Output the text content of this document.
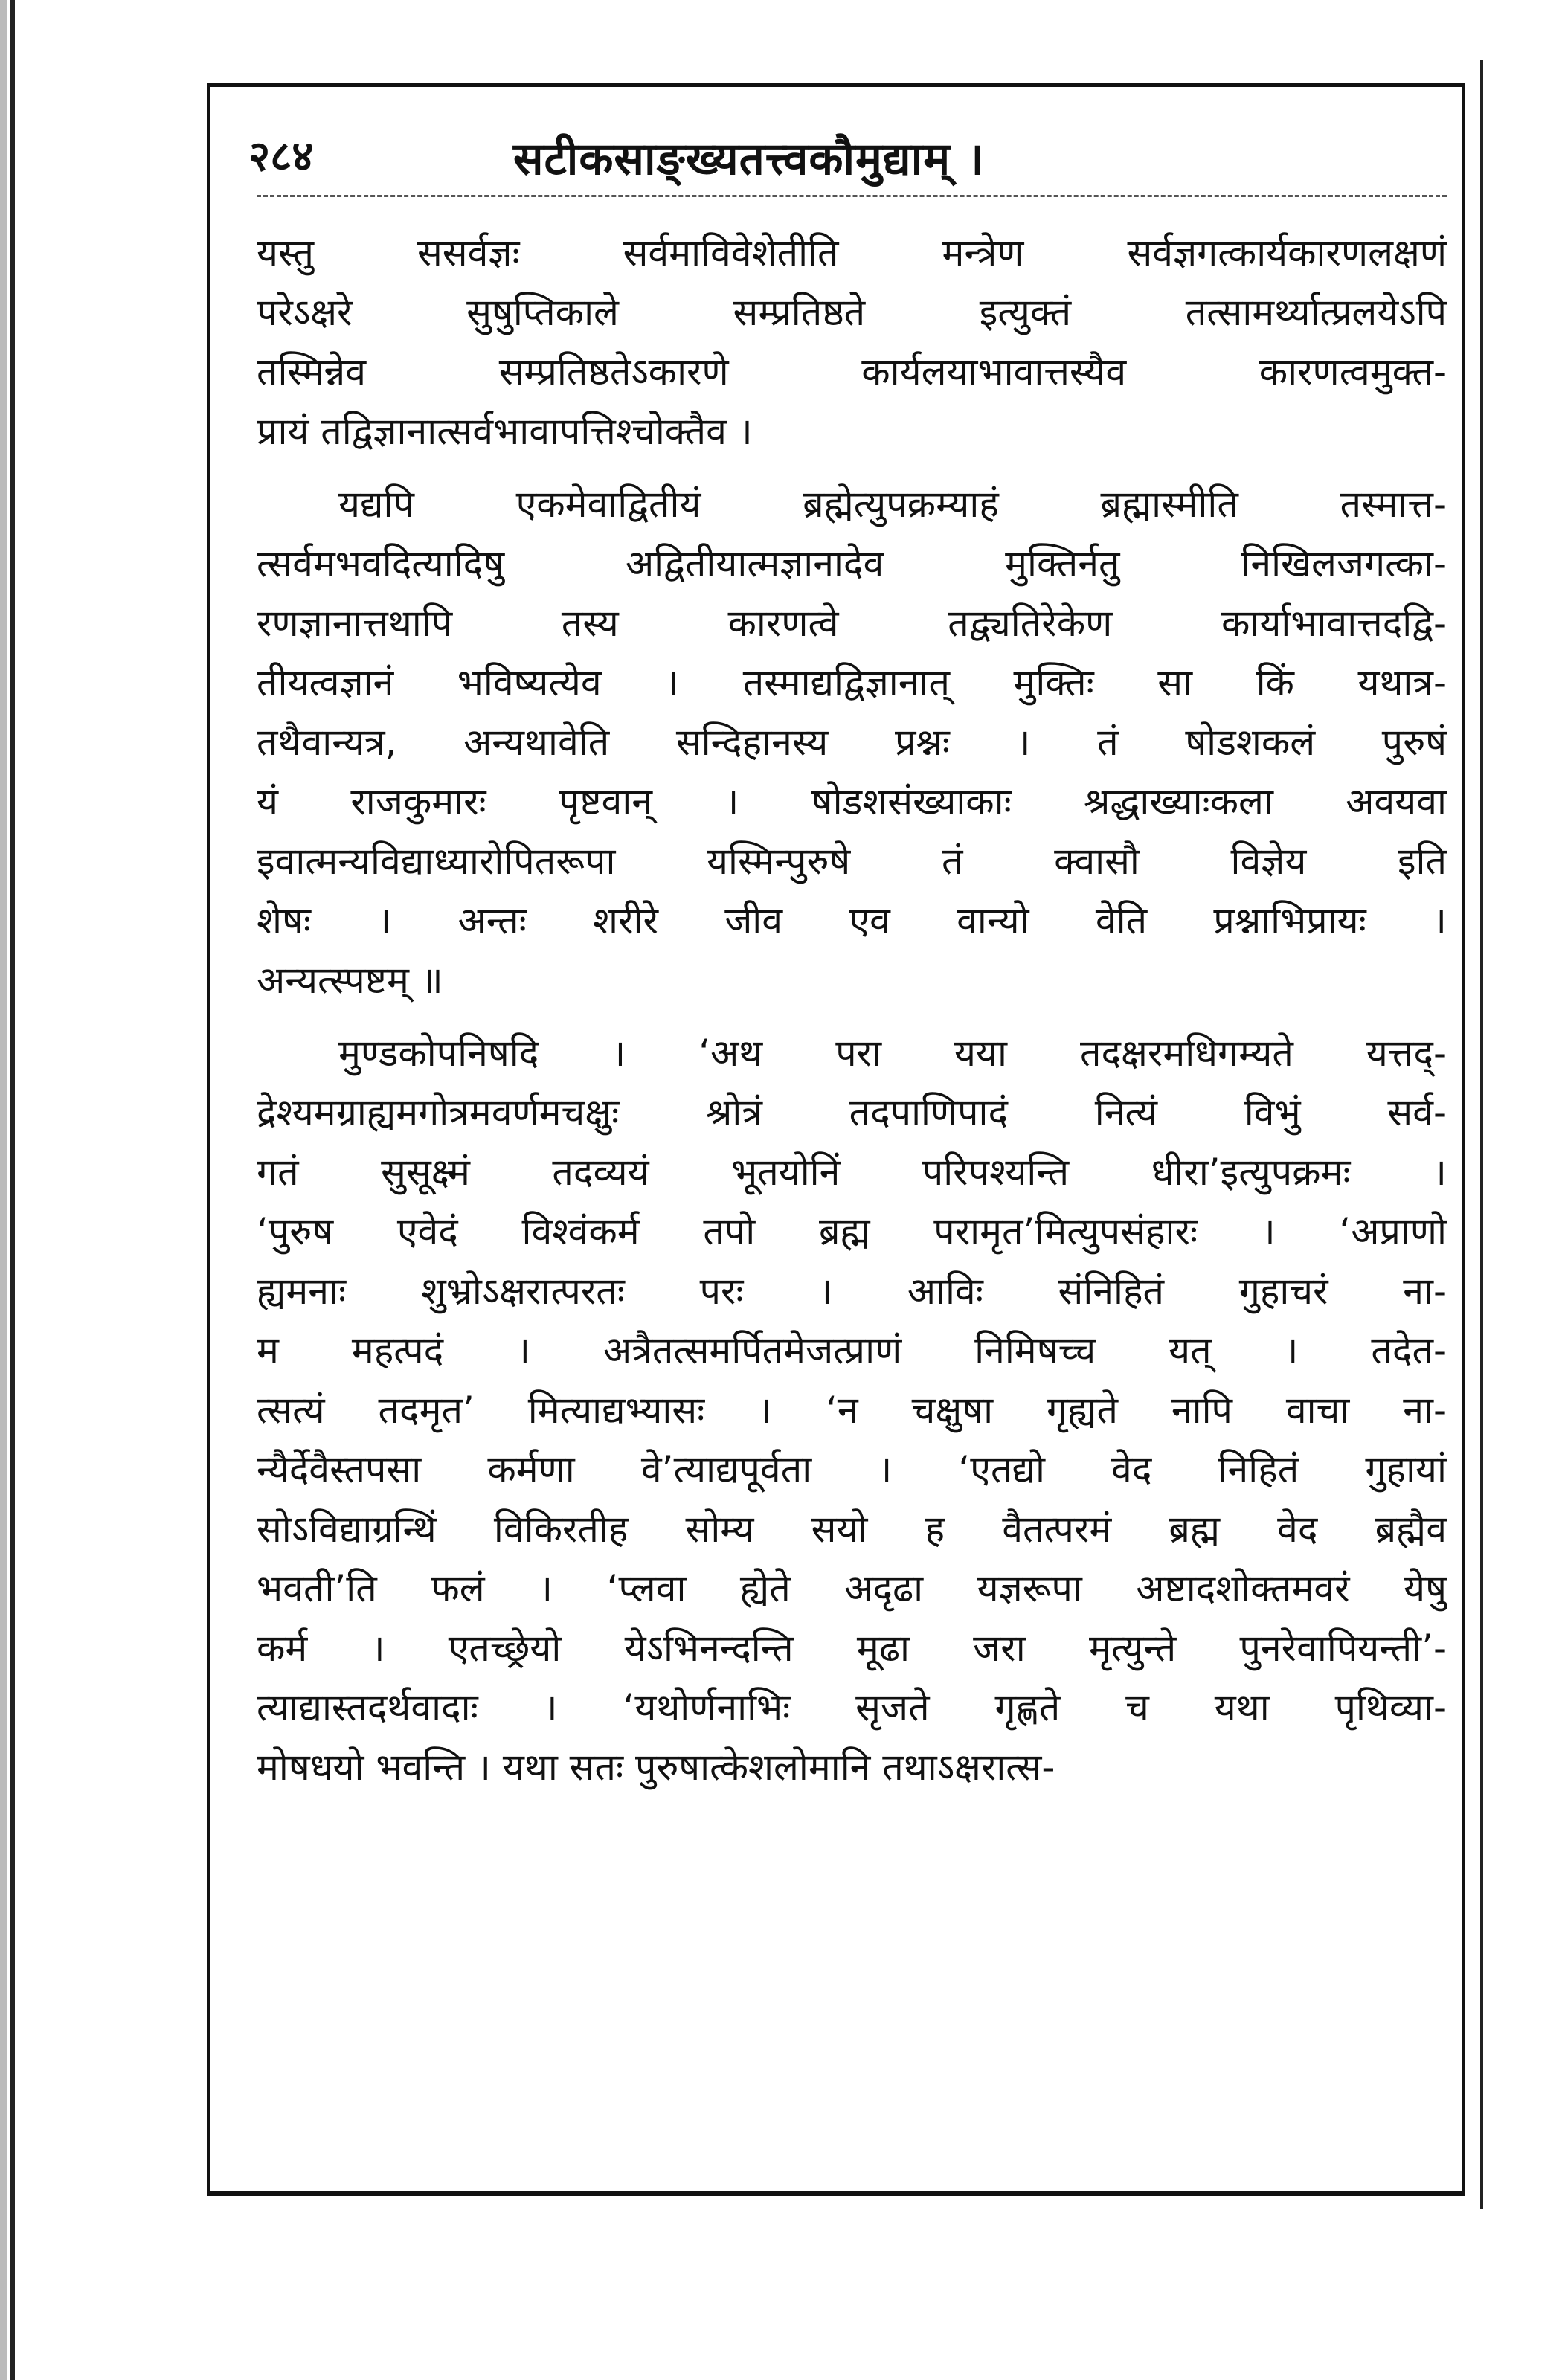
२८४	सटीकसाङ्ख्यतत्त्वकौमुद्याम् ।
यस्तु ससर्वज्ञः सर्वमाविवेशेतीति मन्त्रेण सर्वज्ञगत्कार्यकारणलक्षणं
परेऽक्षरे सुषुप्तिकाले सम्प्रतिष्ठते इत्युक्तं तत्सामर्थ्यात्प्रलयेऽपि
तस्मिन्नेव सम्प्रतिष्ठतेऽकारणे कार्यलयाभावात्तस्यैव कारणत्वमुक्त-
प्रायं तद्विज्ञानात्सर्वभावापत्तिश्चोक्तैव ।
यद्यपि एकमेवाद्वितीयं ब्रह्मेत्युपक्रम्याहं ब्रह्मास्मीति तस्मात्त-
त्सर्वमभवदित्यादिषु अद्वितीयात्मज्ञानादेव मुक्तिर्नतु निखिलजगत्का-
रणज्ञानात्तथापि तस्य कारणत्वे तद्व्यतिरेकेण कार्याभावात्तदद्वि-
तीयत्वज्ञानं भविष्यत्येव । तस्माद्यद्विज्ञानात् मुक्तिः सा किं यथात्र-
तथैवान्यत्र, अन्यथावेति सन्दिहानस्य प्रश्नः । तं षोडशकलं पुरुषं
यं राजकुमारः पृष्टवान् । षोडशसंख्याकाः श्रद्धाख्याःकला अवयवा
इवात्मन्यविद्याध्यारोपितरूपा यस्मिन्पुरुषे तं क्वासौ विज्ञेय इति
शेषः । अन्तः शरीरे जीव एव वान्यो वेति प्रश्नाभिप्रायः ।
अन्यत्स्पष्टम् ॥
मुण्डकोपनिषदि । ‘अथ परा यया तदक्षरमधिगम्यते यत्तद्-
द्रेश्यमग्राह्यमगोत्रमवर्णमचक्षुः श्रोत्रं तदपाणिपादं नित्यं विभुं सर्व-
गतं सुसूक्ष्मं तदव्ययं भूतयोनिं परिपश्यन्ति धीरा’इत्युपक्रमः ।
‘पुरुष एवेदं विश्वंकर्म तपो ब्रह्म परामृत’मित्युपसंहारः । ‘अप्राणो
ह्यमनाः शुभ्रोऽक्षरात्परतः परः । आविः संनिहितं गुहाचरं ना-
म महत्पदं । अत्रैतत्समर्पितमेजत्प्राणं निमिषच्च यत् । तदेत-
त्सत्यं तदमृत’ मित्याद्यभ्यासः । ‘न चक्षुषा गृह्यते नापि वाचा ना-
न्यैर्देवैस्तपसा कर्मणा वे’त्याद्यपूर्वता । ‘एतद्यो वेद निहितं गुहायां
सोऽविद्याग्रन्थिं विकिरतीह सोम्य सयो ह वैतत्परमं ब्रह्म वेद ब्रह्मैव
भवती’ति फलं । ‘प्लवा ह्येते अदृढा यज्ञरूपा अष्टादशोक्तमवरं येषु
कर्म । एतच्छ्रेयो येऽभिनन्दन्ति मूढा जरा मृत्युन्ते पुनरेवापियन्ती’-
त्याद्यास्तदर्थवादाः । ‘यथोर्णनाभिः सृजते गृह्णते च यथा पृथिव्या-
मोषधयो भवन्ति । यथा सतः पुरुषात्केशलोमानि तथाऽक्षरात्स-
